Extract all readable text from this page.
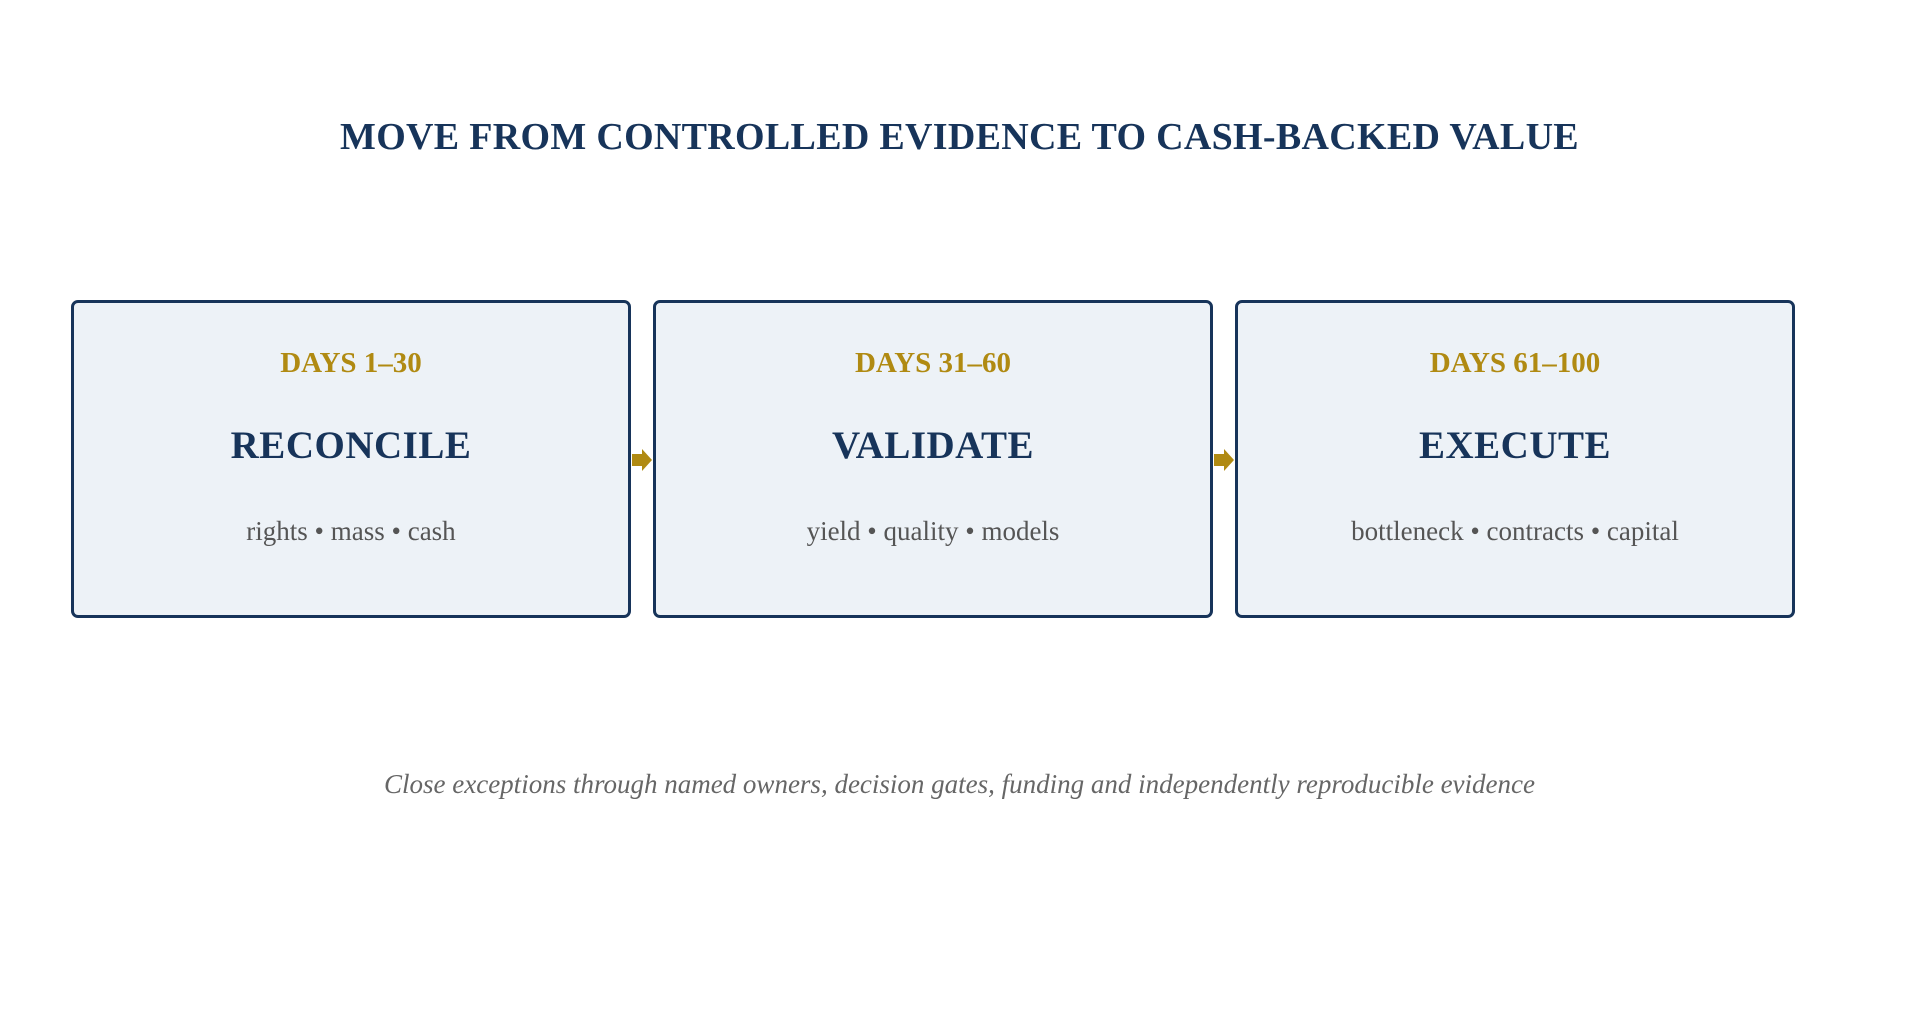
MOVE FROM CONTROLLED EVIDENCE TO CASH-BACKED VALUE
DAYS 1–30
RECONCILE
rights • mass • cash
DAYS 31–60
VALIDATE
yield • quality • models
DAYS 61–100
EXECUTE
bottleneck • contracts • capital
Close exceptions through named owners, decision gates, funding and independently reproducible evidence
